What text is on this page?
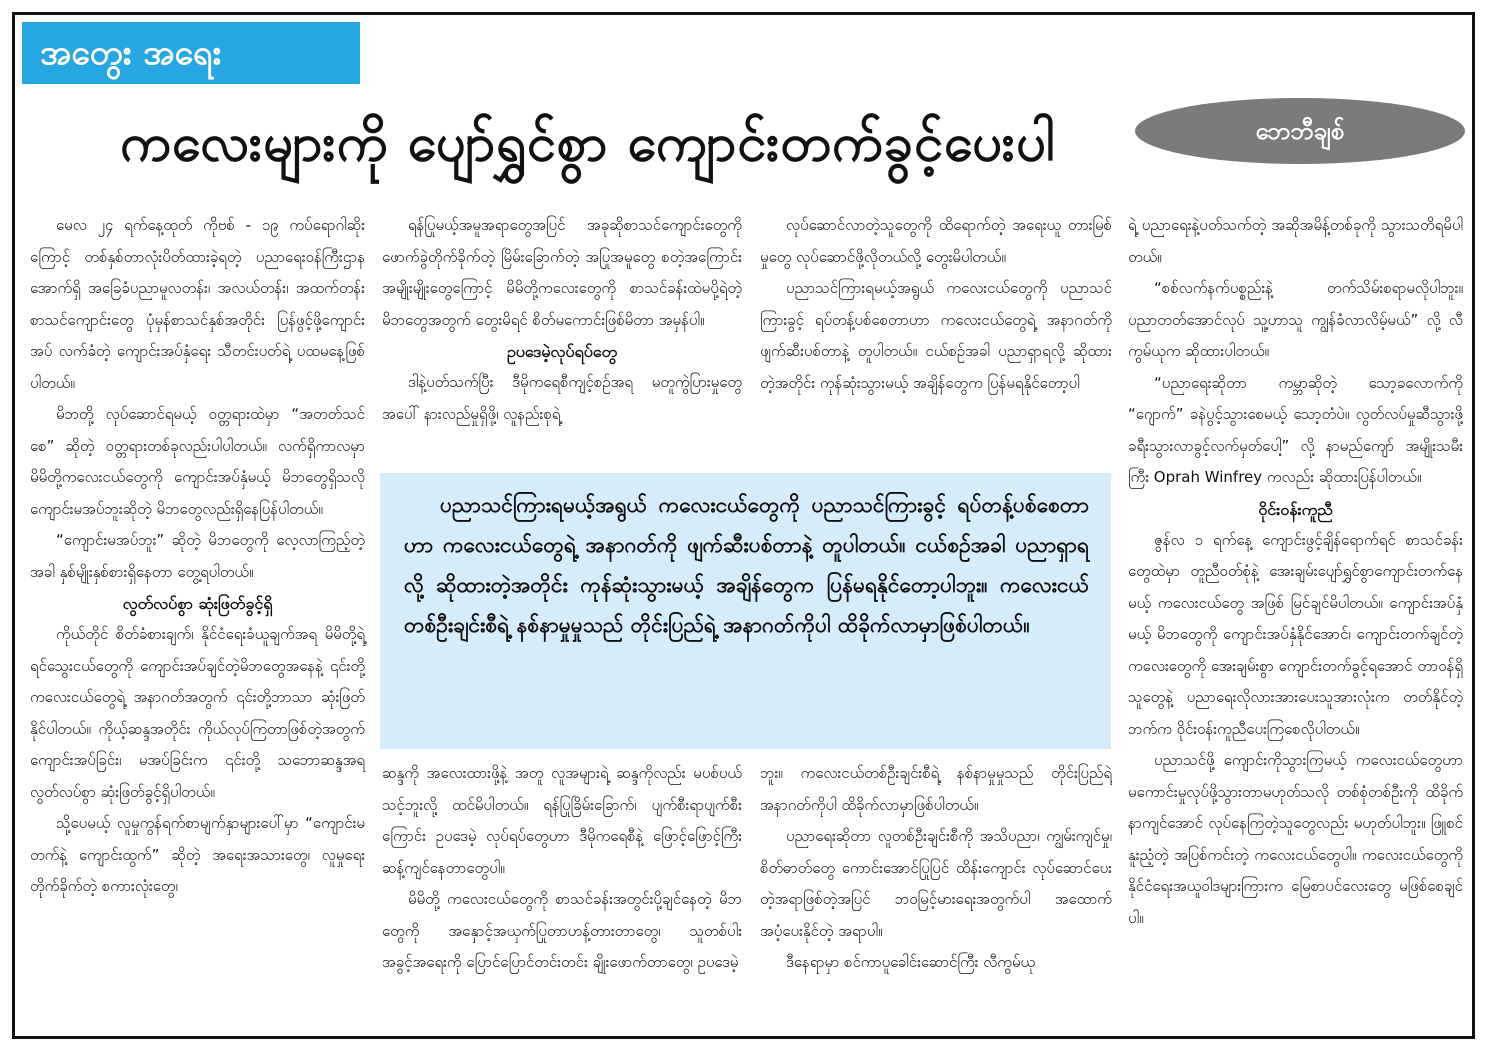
အတွေး အရေး
ကလေးများကို ပျော်ရွှင်စွာ ကျောင်းတက်ခွင့်ပေးပါ	ဘေဘီချစ်

မေလ ၂၄ ရက်နေ့ထုတ် ကိုဗစ် - ၁၉ ကပ်ရောဂါဆိုးကြောင့် တစ်နှစ်တာလုံးပိတ်ထားခဲ့ရတဲ့ ပညာရေးဝန်ကြီးဌာနအောက်ရှိ အခြေခံပညာမူလတန်း၊ အလယ်တန်း၊ အထက်တန်းစာသင်ကျောင်းတွေ ပုံမှန်စာသင်နှစ်အတိုင်း ပြန်ဖွင့်ဖို့ကျောင်းအပ် လက်ခံတဲ့ ကျောင်းအပ်နှံရေး သီတင်းပတ်ရဲ့ ပထမနေ့ဖြစ်ပါတယ်။

မိဘတို့ လုပ်ဆောင်ရမယ့် ဝတ္တရားထဲမှာ “အတတ်သင်စေ” ဆိုတဲ့ ဝတ္တရားတစ်ခုလည်းပါပါတယ်။ လက်ရှိကာလမှာ မိမိတို့ကလေးငယ်တွေကို ကျောင်းအပ်နှံမယ့် မိဘတွေရှိသလို ကျောင်းမအပ်ဘူးဆိုတဲ့ မိဘတွေလည်းရှိနေပြန်ပါတယ်။

“ကျောင်းမအပ်ဘူး” ဆိုတဲ့ မိဘတွေကို လေ့လာကြည့်တဲ့အခါ နှစ်မျိုးနှစ်စားရှိနေတာ တွေ့ရပါတယ်။

လွတ်လပ်စွာ ဆုံးဖြတ်ခွင့်ရှိ

ကိုယ်တိုင် စိတ်ခံစားချက်၊ နိုင်ငံရေးခံယူချက်အရ မိမိတို့ရဲ့ ရင်သွေးငယ်တွေကို ကျောင်းအပ်ချင်တဲ့မိဘတွေအနေနဲ့ ၎င်းတို့ကလေးငယ်တွေရဲ့ အနာဂတ်အတွက် ၎င်းတို့ဘာသာ ဆုံးဖြတ်နိုင်ပါတယ်။ ကိုယ့်ဆန္ဒအတိုင်း ကိုယ်လုပ်ကြတာဖြစ်တဲ့အတွက် ကျောင်းအပ်ခြင်း၊ မအပ်ခြင်းက ၎င်းတို့ သဘောဆန္ဒအရ လွတ်လပ်စွာ ဆုံးဖြတ်ခွင့်ရှိပါတယ်။

သို့ပေမယ့် လူမှုကွန်ရက်စာမျက်နှာများပေါ်မှာ “ကျောင်းမတက်နဲ့ ကျောင်းထွက်” ဆိုတဲ့ အရေးအသားတွေ၊ လူမှုရေးတိုက်ခိုက်တဲ့ စကားလုံးတွေ၊

ရန်ပြုမယ့်အမူအရာတွေအပြင် အခုဆိုစာသင်ကျောင်းတွေကို ဖောက်ခွဲတိုက်ခိုက်တဲ့ မြိမ်းခြောက်တဲ့ အပြုအမူတွေ စတဲ့အကြောင်းအမျိုးမျိုးတွေကြောင့် မိမိတို့ကလေးတွေကို စာသင်ခန်းထဲမပို့ရဲတဲ့ မိဘတွေအတွက် တွေးမိရင် စိတ်မကောင်းဖြစ်မိတာ အမှန်ပါ။

ဥပဒေမဲ့လုပ်ရပ်တွေ

ဒါနဲ့ပတ်သက်ပြီး ဒီမိုကရေစီကျင့်စဉ်အရ မတူကွဲပြားမှုတွေအပေါ် နားလည်မှုရှိဖို့၊ လူနည်းစုရဲ့

လုပ်ဆောင်လာတဲ့သူတွေကို ထိရောက်တဲ့ အရေးယူ တားမြစ်မှုတွေ လုပ်ဆောင်ဖို့လိုတယ်လို့ တွေးမိပါတယ်။

ပညာသင်ကြားရမယ့်အရွယ် ကလေးငယ်တွေကို ပညာသင်ကြားခွင့် ရပ်တန့်ပစ်စေတာဟာ ကလေးငယ်တွေရဲ့ အနာဂတ်ကို ဖျက်ဆီးပစ်တာနဲ့ တူပါတယ်။ ငယ်စဉ်အခါ ပညာရှာရလို့ ဆိုထားတဲ့အတိုင်း ကုန်ဆုံးသွားမယ့် အချိန်တွေက ပြန်မရနိုင်တော့ပါ

ပညာသင်ကြားရမယ့်အရွယ် ကလေးငယ်တွေကို ပညာသင်ကြားခွင့် ရပ်တန့်ပစ်စေတာဟာ ကလေးငယ်တွေရဲ့ အနာဂတ်ကို ဖျက်ဆီးပစ်တာနဲ့ တူပါတယ်။ ငယ်စဉ်အခါ ပညာရှာရလို့ ဆိုထားတဲ့အတိုင်း ကုန်ဆုံးသွားမယ့် အချိန်တွေက ပြန်မရနိုင်တော့ပါဘူး။ ကလေးငယ်တစ်ဦးချင်းစီရဲ့ နစ်နာမှုမှုသည် တိုင်းပြည်ရဲ့ အနာဂတ်ကိုပါ ထိခိုက်လာမှာဖြစ်ပါတယ်။

ဆန္ဒကို အလေးထားဖို့နဲ့ အတူ လူအများရဲ့ ဆန္ဒကိုလည်း မပစ်ပယ်သင့်ဘူးလို့ ထင်မိပါတယ်။ ရန်ပြုခြိမ်းခြောက်၊ ပျက်စီးရာပျက်စီးကြောင်း ဥပဒေမဲ့ လုပ်ရပ်တွေဟာ ဒီမိုကရေစီနဲ့ ဖြောင့်ဖြောင့်ကြီး ဆန့်ကျင်နေတာတွေပါ။

မိမိတို့ ကလေးငယ်တွေကို စာသင်ခန်းအတွင်းပို့ချင်နေတဲ့ မိဘတွေကို အနှောင့်အယှက်ပြုတာဟန့်တားတာတွေ၊ သူတစ်ပါးအခွင့်အရေးကို ပြောင်ပြောင်တင်းတင်း ချိုးဖောက်တာတွေ၊ ဥပဒေမဲ့

ဘူး။ ကလေးငယ်တစ်ဦးချင်းစီရဲ့ နစ်နာမှုမှုသည် တိုင်းပြည်ရဲ့ အနာဂတ်ကိုပါ ထိခိုက်လာမှာဖြစ်ပါတယ်။

ပညာရေးဆိုတာ လူတစ်ဦးချင်းစီကို အသိပညာ၊ ကျွမ်းကျင်မှု၊ စိတ်ဓာတ်တွေ ကောင်းအောင်ပြုပြင် ထိန်းကျောင်း လုပ်ဆောင်ပေးတဲ့အရာဖြစ်တဲ့အပြင် ဘဝမြင့်မားရေးအတွက်ပါ အထောက်အပံ့ပေးနိုင်တဲ့ အရာပါ။

ဒီနေရာမှာ စင်ကာပူခေါင်းဆောင်ကြီး လီကွမ်ယု

ရဲ့ ပညာရေးနဲ့ပတ်သက်တဲ့ အဆိုအမိန့်တစ်ခုကို သွားသတိရမိပါတယ်။

“စစ်လက်နက်ပစ္စည်းနဲ့ တက်သိမ်းစရာမလိုပါဘူး။ ပညာတတ်အောင်လုပ် သူ့ဟာသူ ကျွန်ခံလာလိမ့်မယ်” လို့ လီကွမ်ယုက ဆိုထားပါတယ်။

“ပညာရေးဆိုတာ ကမ္ဘာဆိုတဲ့ သော့ခလောက်ကို “ဂျောက်” ခနဲပွင့်သွားစေမယ့် သော့တံပဲ။ လွတ်လပ်မှုဆီသွားဖို့ ခရီးသွားလာခွင့်လက်မှတ်ပေါ့” လို့ နာမည်ကျော် အမျိုးသမီးကြီး Oprah Winfrey ကလည်း ဆိုထားပြန်ပါတယ်။

ဝိုင်းဝန်းကူညီ

ဇွန်လ ၁ ရက်နေ့ ကျောင်းဖွင့်ချိန်ရောက်ရင် စာသင်ခန်းတွေထဲမှာ တူညီဝတ်စုံနဲ့ အေးချမ်းပျော်ရွှင်စွာကျောင်းတက်နေမယ့် ကလေးငယ်တွေ အဖြစ် မြင်ချင်မိပါတယ်။ ကျောင်းအပ်နှံမယ့် မိဘတွေကို ကျောင်းအပ်နှံနိုင်အောင်၊ ကျောင်းတက်ချင်တဲ့ကလေးတွေကို အေးချမ်းစွာ ကျောင်းတက်ခွင့်ရအောင် တာဝန်ရှိသူတွေနဲ့ ပညာရေးလိုလားအားပေးသူအားလုံးက တတ်နိုင်တဲ့ဘက်က ဝိုင်းဝန်းကူညီပေးကြစေလိုပါတယ်။

ပညာသင်ဖို့ ကျောင်းကိုသွားကြမယ့် ကလေးငယ်တွေဟာ မကောင်းမှုလုပ်ဖို့သွားတာမဟုတ်သလို တစ်စုံတစ်ဦးကို ထိခိုက်နာကျင်အောင် လုပ်နေကြတဲ့သူတွေလည်း မဟုတ်ပါဘူး။ ဖြူစင်နူးညံ့တဲ့ အပြစ်ကင်းတဲ့ ကလေးငယ်တွေပါ။ ကလေးငယ်တွေကို နိုင်ငံရေးအယူဝါဒများကြားက မြေစာပင်လေးတွေ မဖြစ်စေချင်ပါ။
